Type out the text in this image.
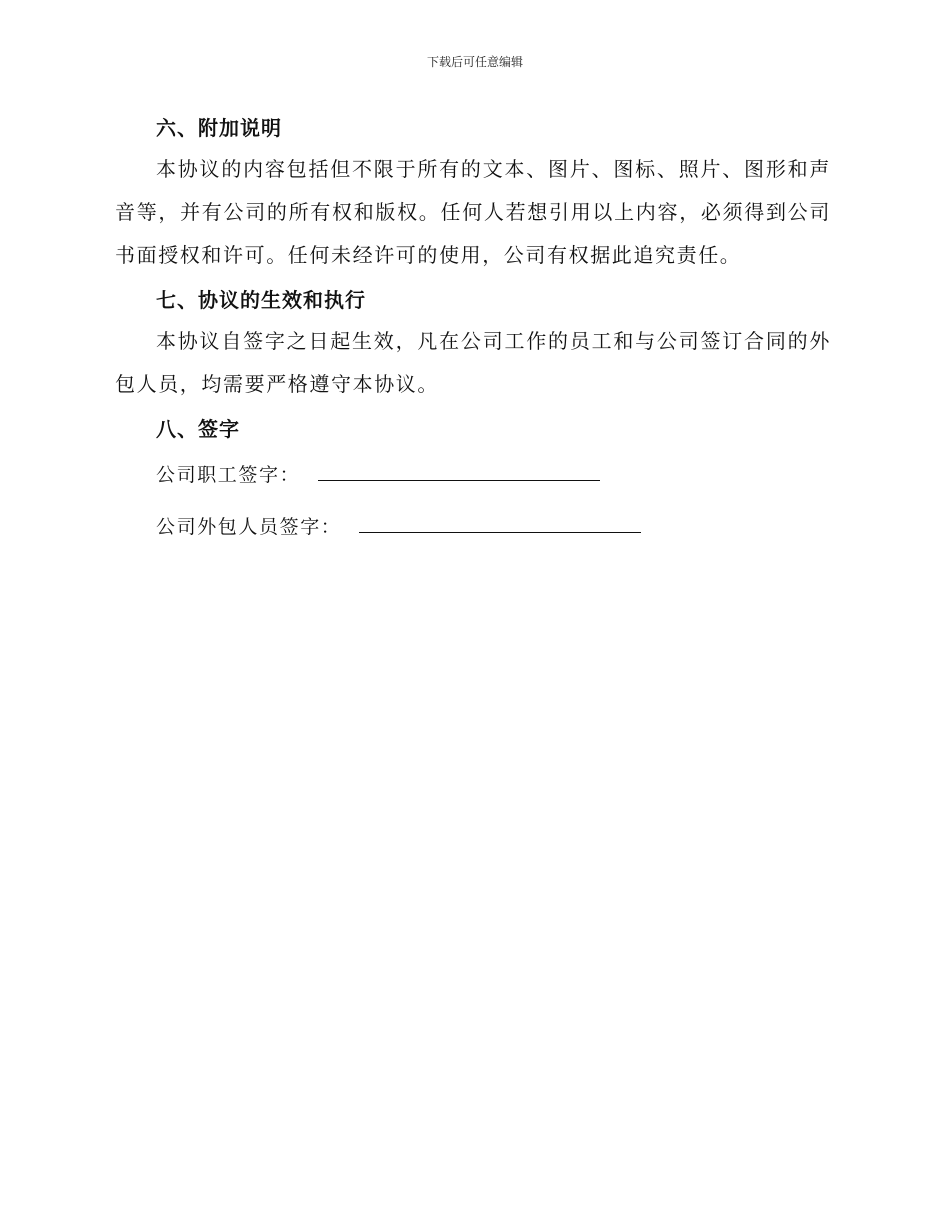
下载后可任意编辑
六、附加说明

本协议的内容包括但不限于所有的文本、图片、图标、照片、图形和声音等，并有公司的所有权和版权。任何人若想引用以上内容，必须得到公司书面授权和许可。任何未经许可的使用，公司有权据此追究责任。

七、协议的生效和执行

本协议自签字之日起生效，凡在公司工作的员工和与公司签订合同的外包人员，均需要严格遵守本协议。

八、签字
公司职工签字：
公司外包人员签字：
